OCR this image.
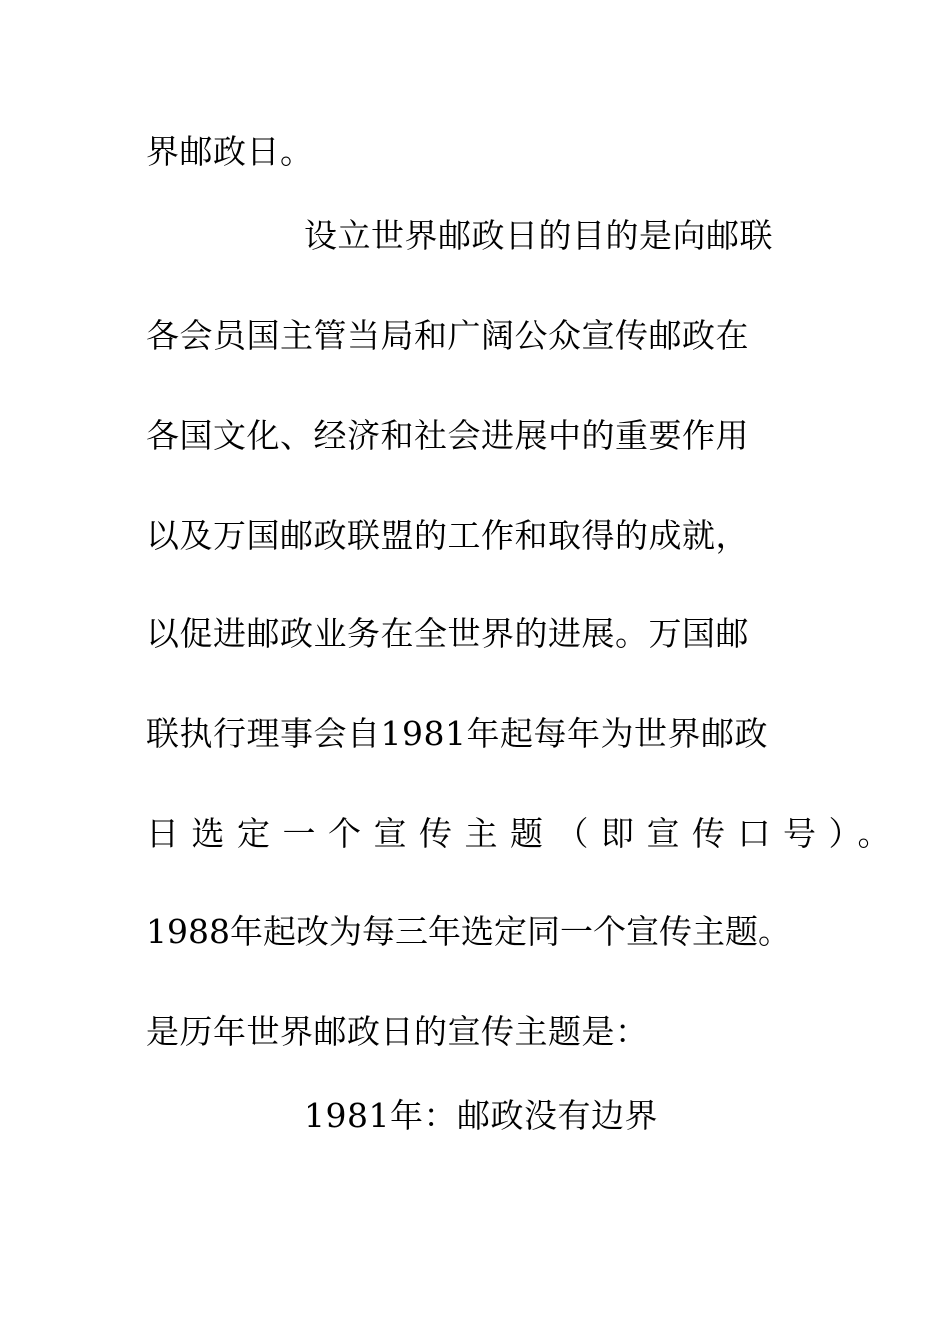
界邮政日。
设立世界邮政日的目的是向邮联
各会员国主管当局和广阔公众宣传邮政在
各国文化、经济和社会进展中的重要作用
以及万国邮政联盟的工作和取得的成就，
以促进邮政业务在全世界的进展。万国邮
联执行理事会自1981年起每年为世界邮政
日选定一个宣传主题（即宣传口号）。
1988年起改为每三年选定同一个宣传主题。
是历年世界邮政日的宣传主题是：
1981年：邮政没有边界
